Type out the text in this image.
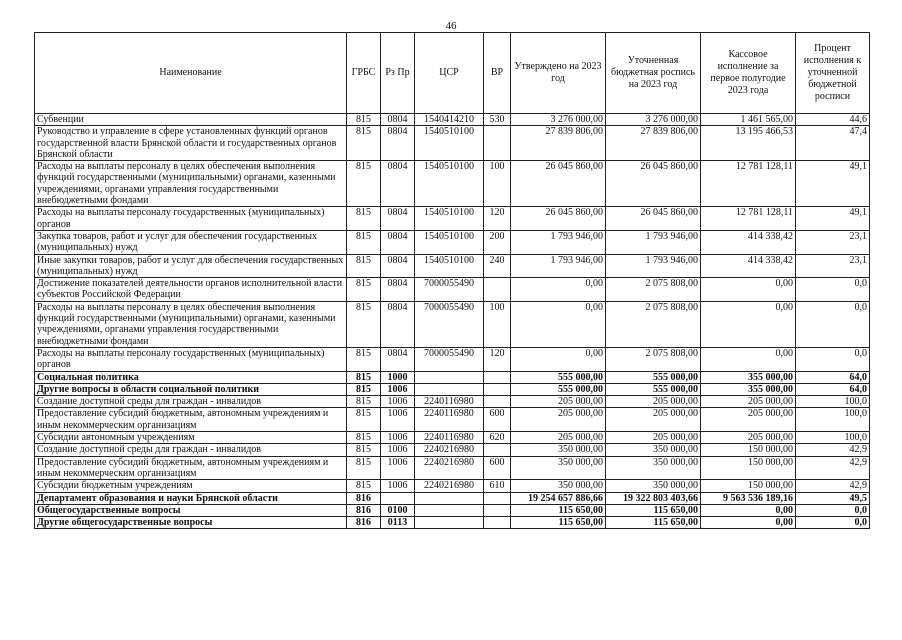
46
Наименование	ГРБС	Рз Пр	ЦСР	ВР	Утверждено на 2023 год	Уточненная бюджетная роспись на 2023 год	Кассовое исполнение за первое полугодие 2023 года	Процент исполнения к уточненной бюджетной росписи
Субвенции	815	0804	1540414210	530	3 276 000,00	3 276 000,00	1 461 565,00	44,6
Руководство и управление в сфере установленных функций органов государственной власти Брянской области и государственных органов Брянской области	815	0804	1540510100		27 839 806,00	27 839 806,00	13 195 466,53	47,4
Расходы на выплаты персоналу в целях обеспечения выполнения функций государственными (муниципальными) органами, казенными учреждениями, органами управления государственными внебюджетными фондами	815	0804	1540510100	100	26 045 860,00	26 045 860,00	12 781 128,11	49,1
Расходы на выплаты персоналу государственных (муниципальных) органов	815	0804	1540510100	120	26 045 860,00	26 045 860,00	12 781 128,11	49,1
Закупка товаров, работ и услуг для обеспечения государственных (муниципальных) нужд	815	0804	1540510100	200	1 793 946,00	1 793 946,00	414 338,42	23,1
Иные закупки товаров, работ и услуг для обеспечения государственных (муниципальных) нужд	815	0804	1540510100	240	1 793 946,00	1 793 946,00	414 338,42	23,1
Достижение показателей деятельности органов исполнительной власти субъектов Российской Федерации	815	0804	7000055490		0,00	2 075 808,00	0,00	0,0
Расходы на выплаты персоналу в целях обеспечения выполнения функций государственными (муниципальными) органами, казенными учреждениями, органами управления государственными внебюджетными фондами	815	0804	7000055490	100	0,00	2 075 808,00	0,00	0,0
Расходы на выплаты персоналу государственных (муниципальных) органов	815	0804	7000055490	120	0,00	2 075 808,00	0,00	0,0
Социальная политика	815	1000			555 000,00	555 000,00	355 000,00	64,0
Другие вопросы в области социальной политики	815	1006			555 000,00	555 000,00	355 000,00	64,0
Создание доступной среды для граждан - инвалидов	815	1006	2240116980		205 000,00	205 000,00	205 000,00	100,0
Предоставление субсидий бюджетным, автономным учреждениям и иным некоммерческим организациям	815	1006	2240116980	600	205 000,00	205 000,00	205 000,00	100,0
Субсидии автономным учреждениям	815	1006	2240116980	620	205 000,00	205 000,00	205 000,00	100,0
Создание доступной среды для граждан - инвалидов	815	1006	2240216980		350 000,00	350 000,00	150 000,00	42,9
Предоставление субсидий бюджетным, автономным учреждениям и иным некоммерческим организациям	815	1006	2240216980	600	350 000,00	350 000,00	150 000,00	42,9
Субсидии бюджетным учреждениям	815	1006	2240216980	610	350 000,00	350 000,00	150 000,00	42,9
Департамент образования и науки Брянской области	816				19 254 657 886,66	19 322 803 403,66	9 563 536 189,16	49,5
Общегосударственные вопросы	816	0100			115 650,00	115 650,00	0,00	0,0
Другие общегосударственные вопросы	816	0113			115 650,00	115 650,00	0,00	0,0
